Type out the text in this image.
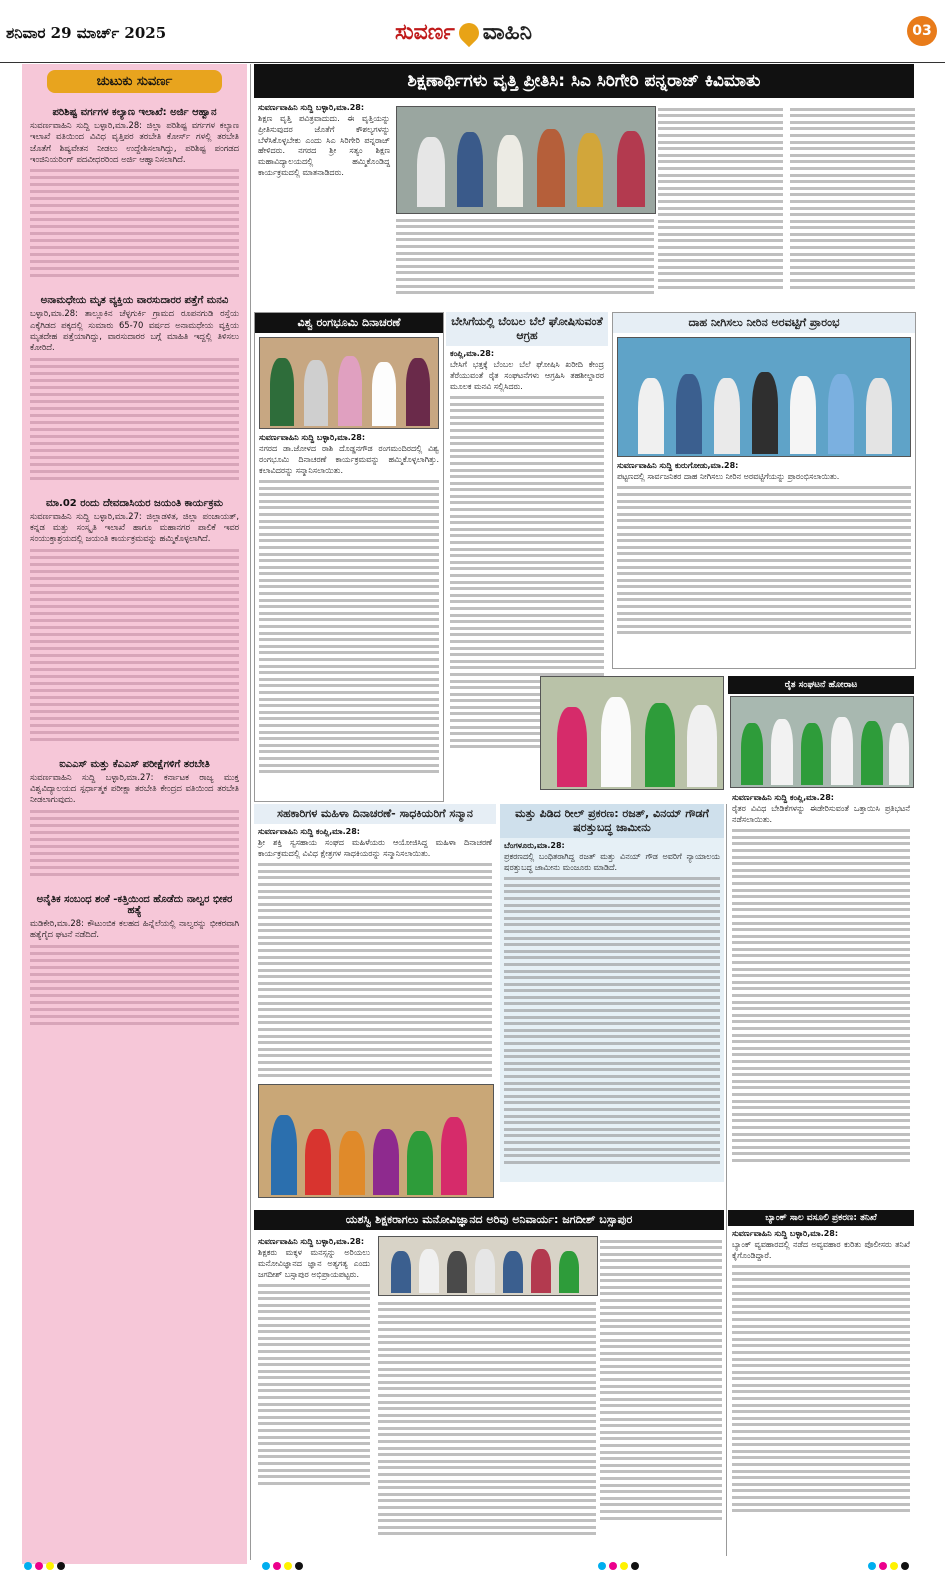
ಶನಿವಾರ 29 ಮಾರ್ಚ್ 2025	ಸುವರ್ಣ ವಾಹಿನಿ	03
ಚುಟುಕು ಸುವರ್ಣ
ಪರಿಶಿಷ್ಟ ವರ್ಗಗಳ ಕಲ್ಯಾಣ ಇಲಾಖೆ: ಅರ್ಜಿ ಆಹ್ವಾನ
ಸುವರ್ಣವಾಹಿನಿ ಸುದ್ದಿ ಬಳ್ಳಾರಿ,ಮಾ.28: ಜಿಲ್ಲಾ ಪರಿಶಿಷ್ಟ ವರ್ಗಗಳ ಕಲ್ಯಾಣ ಇಲಾಖೆ ವತಿಯಿಂದ ವಿವಿಧ ವೃತ್ತಿಪರ ತರಬೇತಿ ಕೋರ್ಸ್ ಗಳಲ್ಲಿ ತರಬೇತಿ ಜೊತೆಗೆ ಶಿಷ್ಯವೇತನ ನೀಡಲು ಉದ್ದೇಶಿಸಲಾಗಿದ್ದು, ಪರಿಶಿಷ್ಟ ಪಂಗಡದ ಇಂಜಿನಿಯರಿಂಗ್ ಪದವೀಧರರಿಂದ ಅರ್ಜಿ ಆಹ್ವಾನಿಸಲಾಗಿದೆ.
ಅನಾಮಧೇಯ ಮೃತ ವ್ಯಕ್ತಿಯ ವಾರಸುದಾರರ ಪತ್ತೆಗೆ ಮನವಿ
ಬಳ್ಳಾರಿ,ಮಾ.28: ತಾಲ್ಲೂಕಿನ ಚೆಳ್ಳಗುರ್ಕಿ ಗ್ರಾಮದ ರೂಪನಗುಡಿ ರಸ್ತೆಯ ಎಕ್ಕೆಗಿಡದ ಪಕ್ಕದಲ್ಲಿ ಸುಮಾರು 65-70 ವರ್ಷದ ಅನಾಮಧೇಯ ವ್ಯಕ್ತಿಯ ಮೃತದೇಹ ಪತ್ತೆಯಾಗಿದ್ದು, ವಾರಸುದಾರರ ಬಗ್ಗೆ ಮಾಹಿತಿ ಇದ್ದಲ್ಲಿ ತಿಳಿಸಲು ಕೋರಿದೆ.
ಮಾ.02 ರಂದು ದೇವದಾಸಿಯರ ಜಯಂತಿ ಕಾರ್ಯಕ್ರಮ
ಸುವರ್ಣವಾಹಿನಿ ಸುದ್ದಿ ಬಳ್ಳಾರಿ,ಮಾ.27: ಜಿಲ್ಲಾಡಳಿತ, ಜಿಲ್ಲಾ ಪಂಚಾಯತ್, ಕನ್ನಡ ಮತ್ತು ಸಂಸ್ಕೃತಿ ಇಲಾಖೆ ಹಾಗೂ ಮಹಾನಗರ ಪಾಲಿಕೆ ಇವರ ಸಂಯುಕ್ತಾಶ್ರಯದಲ್ಲಿ ಜಯಂತಿ ಕಾರ್ಯಕ್ರಮವನ್ನು ಹಮ್ಮಿಕೊಳ್ಳಲಾಗಿದೆ.
ಐಎಎಸ್ ಮತ್ತು ಕೆಎಎಸ್ ಪರೀಕ್ಷೆಗಳಿಗೆ ತರಬೇತಿ
ಸುವರ್ಣವಾಹಿನಿ ಸುದ್ದಿ ಬಳ್ಳಾರಿ,ಮಾ.27: ಕರ್ನಾಟಕ ರಾಜ್ಯ ಮುಕ್ತ ವಿಶ್ವವಿದ್ಯಾಲಯದ ಸ್ಪರ್ಧಾತ್ಮಕ ಪರೀಕ್ಷಾ ತರಬೇತಿ ಕೇಂದ್ರದ ವತಿಯಿಂದ ತರಬೇತಿ ನೀಡಲಾಗುವುದು.
ಅನೈತಿಕ ಸಂಬಂಧ ಶಂಕೆ -ಕತ್ತಿಯಿಂದ ಹೊಡೆದು ನಾಲ್ವರ ಭೀಕರ ಹತ್ಯೆ
ಮಡಿಕೇರಿ,ಮಾ.28: ಕೌಟುಂಬಿಕ ಕಲಹದ ಹಿನ್ನೆಲೆಯಲ್ಲಿ ನಾಲ್ವರನ್ನು ಭೀಕರವಾಗಿ ಹತ್ಯೆಗೈದ ಘಟನೆ ನಡೆದಿದೆ.
ಶಿಕ್ಷಣಾರ್ಥಿಗಳು ವೃತ್ತಿ ಪ್ರೀತಿಸಿ: ಸಿಎ ಸಿರಿಗೇರಿ ಪನ್ನರಾಜ್ ಕಿವಿಮಾತು
ಸುವರ್ಣವಾಹಿನಿ ಸುದ್ದಿ ಬಳ್ಳಾರಿ,ಮಾ.28:
ಶಿಕ್ಷಣ ವೃತ್ತಿ ಪವಿತ್ರವಾದುದು. ಈ ವೃತ್ತಿಯನ್ನು ಪ್ರೀತಿಸುವುದರ ಜೊತೆಗೆ ಕೌಶಲ್ಯಗಳನ್ನು ಬೆಳೆಸಿಕೊಳ್ಳಬೇಕು ಎಂದು ಸಿಎ ಸಿರಿಗೇರಿ ಪನ್ನರಾಜ್ ಹೇಳಿದರು. ನಗರದ ಶ್ರೀ ಸತ್ಯಂ ಶಿಕ್ಷಣ ಮಹಾವಿದ್ಯಾಲಯದಲ್ಲಿ ಹಮ್ಮಿಕೊಂಡಿದ್ದ ಕಾರ್ಯಕ್ರಮದಲ್ಲಿ ಮಾತನಾಡಿದರು.
ವಿಶ್ವ ರಂಗಭೂಮಿ ದಿನಾಚರಣೆ
ಸುವರ್ಣವಾಹಿನಿ ಸುದ್ದಿ ಬಳ್ಳಾರಿ,ಮಾ.28:
ನಗರದ ಡಾ.ಜೋಳದ ರಾಶಿ ದೊಡ್ಡನಗೌಡ ರಂಗಮಂದಿರದಲ್ಲಿ ವಿಶ್ವ ರಂಗಭೂಮಿ ದಿನಾಚರಣೆ ಕಾರ್ಯಕ್ರಮವನ್ನು ಹಮ್ಮಿಕೊಳ್ಳಲಾಗಿತ್ತು. ಕಲಾವಿದರನ್ನು ಸನ್ಮಾನಿಸಲಾಯಿತು.
ಬೇಸಿಗೆಯಲ್ಲಿ ಬೆಂಬಲ ಬೆಲೆ ಘೋಷಿಸುವಂತೆ ಆಗ್ರಹ
ಕಂಪ್ಲಿ,ಮಾ.28:
ಬೇಸಿಗೆ ಭತ್ತಕ್ಕೆ ಬೆಂಬಲ ಬೆಲೆ ಘೋಷಿಸಿ ಖರೀದಿ ಕೇಂದ್ರ ತೆರೆಯುವಂತೆ ರೈತ ಸಂಘಟನೆಗಳು ಆಗ್ರಹಿಸಿ ತಹಶೀಲ್ದಾರರ ಮೂಲಕ ಮನವಿ ಸಲ್ಲಿಸಿದರು.
ದಾಹ ನೀಗಿಸಲು ನೀರಿನ ಅರವಟ್ಟಿಗೆ ಪ್ರಾರಂಭ
ಸುವರ್ಣವಾಹಿನಿ ಸುದ್ದಿ ಕುರುಗೋಡು,ಮಾ.28:
ಪಟ್ಟಣದಲ್ಲಿ ಸಾರ್ವಜನಿಕರ ದಾಹ ನೀಗಿಸಲು ನೀರಿನ ಅರವಟ್ಟಿಗೆಯನ್ನು ಪ್ರಾರಂಭಿಸಲಾಯಿತು.
ರೈತ ಸಂಘಟನೆ ಹೋರಾಟ
ಸುವರ್ಣವಾಹಿನಿ ಸುದ್ದಿ ಕಂಪ್ಲಿ,ಮಾ.28:
ರೈತರ ವಿವಿಧ ಬೇಡಿಕೆಗಳನ್ನು ಈಡೇರಿಸುವಂತೆ ಒತ್ತಾಯಿಸಿ ಪ್ರತಿಭಟನೆ ನಡೆಸಲಾಯಿತು.
ಸಹಕಾರಿಗಳ ಮಹಿಳಾ ದಿನಾಚರಣೆ- ಸಾಧಕಿಯರಿಗೆ ಸನ್ಮಾನ
ಸುವರ್ಣವಾಹಿನಿ ಸುದ್ದಿ ಕಂಪ್ಲಿ,ಮಾ.28:
ಶ್ರೀ ಶಕ್ತಿ ಸ್ವಸಹಾಯ ಸಂಘದ ಮಹಿಳೆಯರು ಆಯೋಜಿಸಿದ್ದ ಮಹಿಳಾ ದಿನಾಚರಣೆ ಕಾರ್ಯಕ್ರಮದಲ್ಲಿ ವಿವಿಧ ಕ್ಷೇತ್ರಗಳ ಸಾಧಕಿಯರನ್ನು ಸನ್ಮಾನಿಸಲಾಯಿತು.
ಮತ್ತು ಪಿಡಿದ ರೀಲ್ ಪ್ರಕರಣ: ರಜತ್, ವಿನಯ್ ಗೌಡಗೆ ಷರತ್ತುಬದ್ಧ ಜಾಮೀನು
ಬೆಂಗಳೂರು,ಮಾ.28:
ಪ್ರಕರಣದಲ್ಲಿ ಬಂಧಿತರಾಗಿದ್ದ ರಜತ್ ಮತ್ತು ವಿನಯ್ ಗೌಡ ಅವರಿಗೆ ನ್ಯಾಯಾಲಯ ಷರತ್ತುಬದ್ಧ ಜಾಮೀನು ಮಂಜೂರು ಮಾಡಿದೆ.
ಯಶಸ್ವಿ ಶಿಕ್ಷಕರಾಗಲು ಮನೋವಿಜ್ಞಾನದ ಅರಿವು ಅನಿವಾರ್ಯ: ಜಗದೀಶ್ ಬಸ್ಸಾಪುರ
ಸುವರ್ಣವಾಹಿನಿ ಸುದ್ದಿ ಬಳ್ಳಾರಿ,ಮಾ.28:
ಶಿಕ್ಷಕರು ಮಕ್ಕಳ ಮನಸ್ಸನ್ನು ಅರಿಯಲು ಮನೋವಿಜ್ಞಾನದ ಜ್ಞಾನ ಅತ್ಯಗತ್ಯ ಎಂದು ಜಗದೀಶ್ ಬಸ್ಸಾಪುರ ಅಭಿಪ್ರಾಯಪಟ್ಟರು.
ಬ್ಯಾಂಕ್ ಸಾಲ ವಸೂಲಿ ಪ್ರಕರಣ: ತನಿಖೆ
ಸುವರ್ಣವಾಹಿನಿ ಸುದ್ದಿ ಬಳ್ಳಾರಿ,ಮಾ.28:
ಬ್ಯಾಂಕ್ ವ್ಯವಹಾರದಲ್ಲಿ ನಡೆದ ಅವ್ಯವಹಾರ ಕುರಿತು ಪೊಲೀಸರು ತನಿಖೆ ಕೈಗೊಂಡಿದ್ದಾರೆ.
